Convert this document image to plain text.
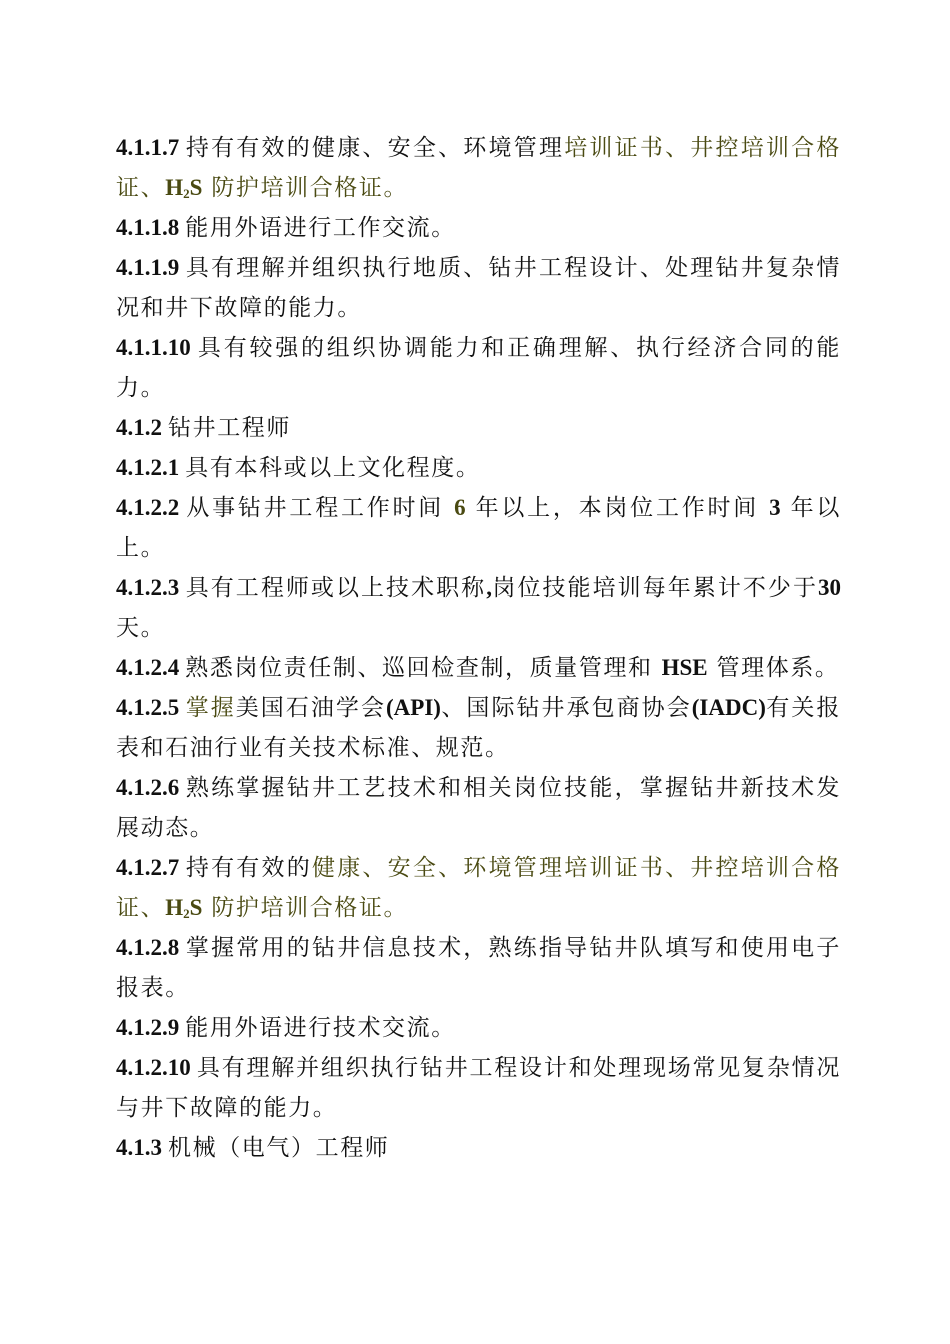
4.1.1.7 持有有效的健康、安全、环境管理培训证书、井控培训合格证、$H_2S$ 防护培训合格证。

4.1.1.8 能用外语进行工作交流。

4.1.1.9 具有理解并组织执行地质、钻井工程设计、处理钻井复杂情况和井下故障的能力。

4.1.1.10 具有较强的组织协调能力和正确理解、执行经济合同的能力。

4.1.2 钻井工程师

4.1.2.1 具有本科或以上文化程度。

4.1.2.2 从事钻井工程工作时间 6 年以上，本岗位工作时间 3 年以上。

4.1.2.3 具有工程师或以上技术职称,岗位技能培训每年累计不少于30 天。

4.1.2.4 熟悉岗位责任制、巡回检查制，质量管理和 HSE 管理体系。

4.1.2.5 掌握美国石油学会(API)、国际钻井承包商协会(IADC)有关报表和石油行业有关技术标准、规范。

4.1.2.6 熟练掌握钻井工艺技术和相关岗位技能，掌握钻井新技术发展动态。

4.1.2.7 持有有效的健康、安全、环境管理培训证书、井控培训合格证、$H_2S$ 防护培训合格证。

4.1.2.8 掌握常用的钻井信息技术，熟练指导钻井队填写和使用电子报表。

4.1.2.9 能用外语进行技术交流。

4.1.2.10 具有理解并组织执行钻井工程设计和处理现场常见复杂情况与井下故障的能力。

4.1.3 机械（电气）工程师
